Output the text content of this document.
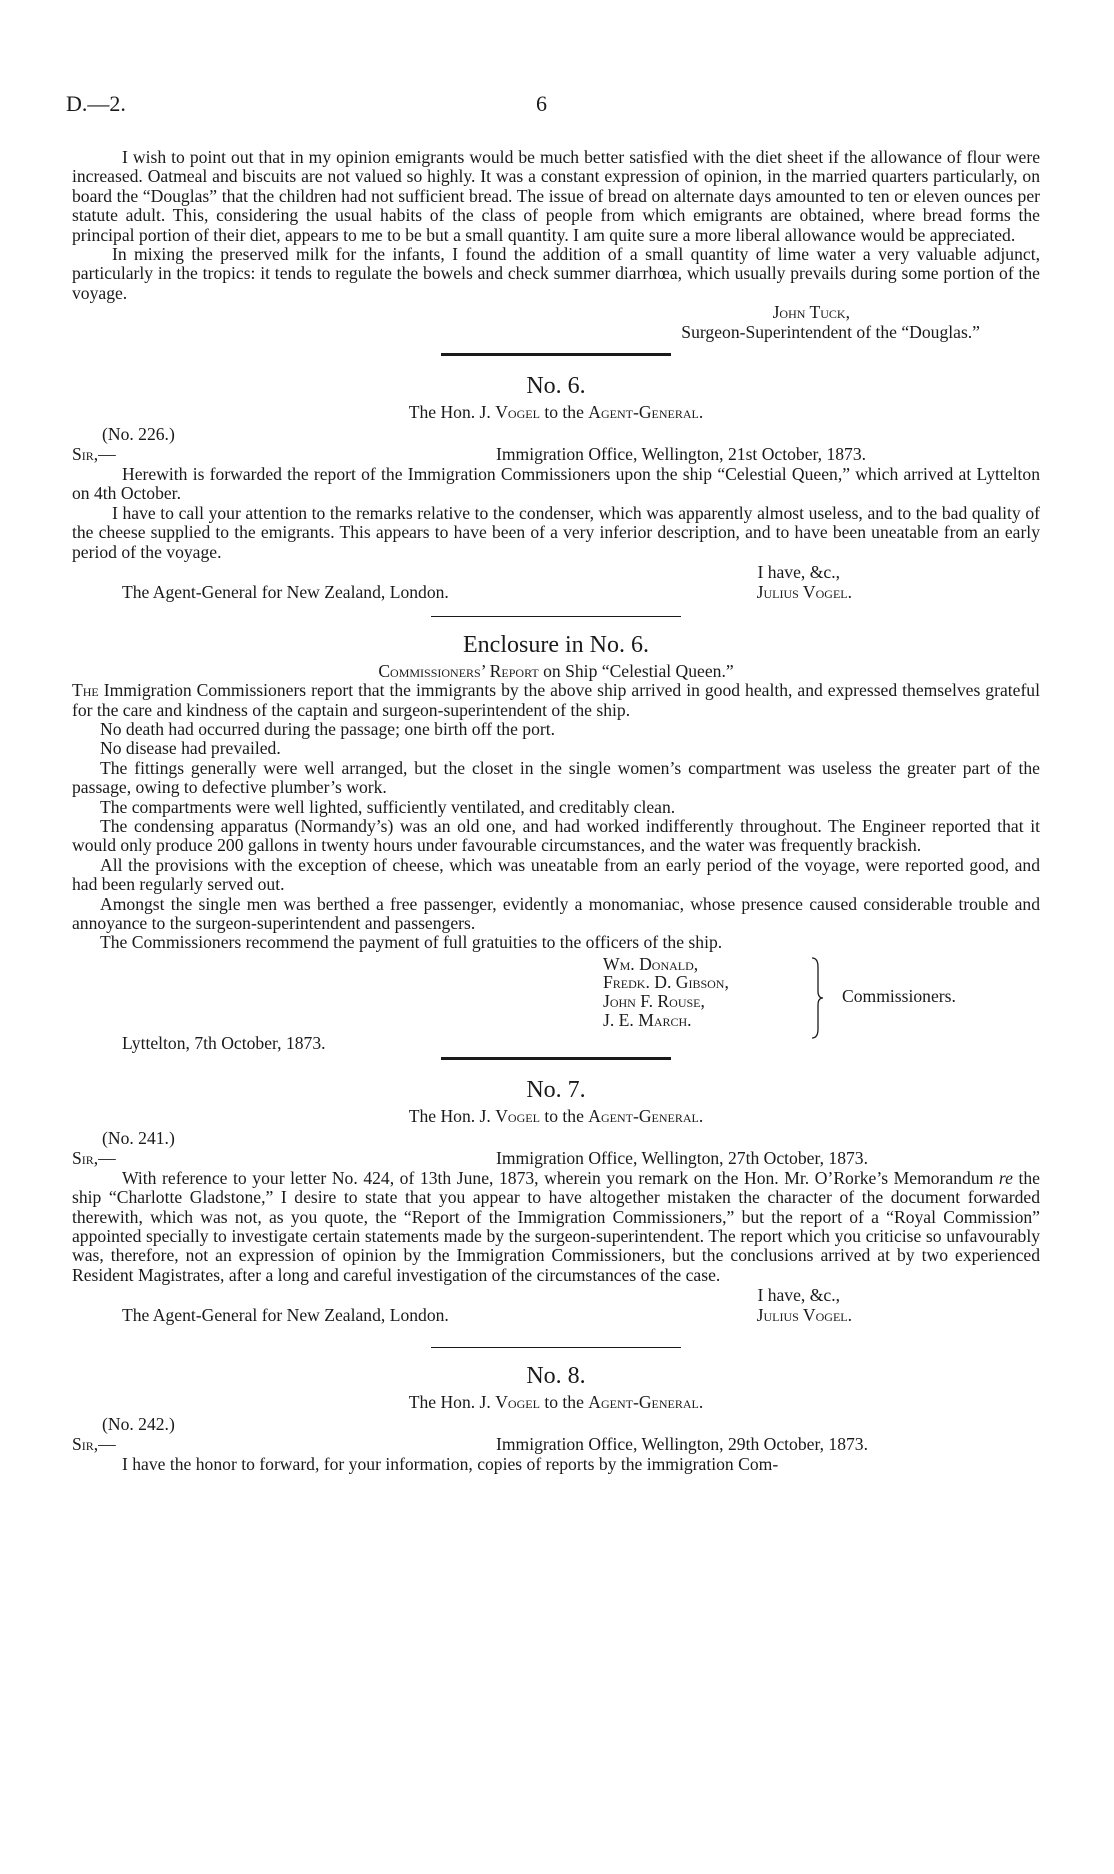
D.—2.	6

I wish to point out that in my opinion emigrants would be much better satisfied with the diet sheet if the allowance of flour were increased. Oatmeal and biscuits are not valued so highly. It was a constant expression of opinion, in the married quarters particularly, on board the “Douglas” that the children had not sufficient bread. The issue of bread on alternate days amounted to ten or eleven ounces per statute adult. This, considering the usual habits of the class of people from which emigrants are obtained, where bread forms the principal portion of their diet, appears to me to be but a small quantity. I am quite sure a more liberal allowance would be appreciated.

In mixing the preserved milk for the infants, I found the addition of a small quantity of lime water a very valuable adjunct, particularly in the tropics: it tends to regulate the bowels and check summer diarrhœa, which usually prevails during some portion of the voyage.

John Tuck,

Surgeon-Superintendent of the “Douglas.”

No. 6.

The Hon. J. Vogel to the Agent-General.

(No. 226.)

Sir,—	Immigration Office, Wellington, 21st October, 1873.

Herewith is forwarded the report of the Immigration Commissioners upon the ship “Celestial Queen,” which arrived at Lyttelton on 4th October.

I have to call your attention to the remarks relative to the condenser, which was apparently almost useless, and to the bad quality of the cheese supplied to the emigrants. This appears to have been of a very inferior description, and to have been uneatable from an early period of the voyage.

I have, &c.,
The Agent-General for New Zealand, London.	Julius Vogel.

Enclosure in No. 6.

Commissioners’ Report on Ship “Celestial Queen.”

The Immigration Commissioners report that the immigrants by the above ship arrived in good health, and expressed themselves grateful for the care and kindness of the captain and surgeon-superintendent of the ship.

No death had occurred during the passage; one birth off the port.

No disease had prevailed.

The fittings generally were well arranged, but the closet in the single women’s compartment was useless the greater part of the passage, owing to defective plumber’s work.

The compartments were well lighted, sufficiently ventilated, and creditably clean.

The condensing apparatus (Normandy’s) was an old one, and had worked indifferently throughout. The Engineer reported that it would only produce 200 gallons in twenty hours under favourable circumstances, and the water was frequently brackish.

All the provisions with the exception of cheese, which was uneatable from an early period of the voyage, were reported good, and had been regularly served out.

Amongst the single men was berthed a free passenger, evidently a monomaniac, whose presence caused considerable trouble and annoyance to the surgeon-superintendent and passengers.

The Commissioners recommend the payment of full gratuities to the officers of the ship.

Wm. Donald,
Fredk. D. Gibson,
John F. Rouse,
J. E. March.
Commissioners.
Lyttelton, 7th October, 1873.

No. 7.

The Hon. J. Vogel to the Agent-General.

(No. 241.)

Sir,—	Immigration Office, Wellington, 27th October, 1873.

With reference to your letter No. 424, of 13th June, 1873, wherein you remark on the Hon. Mr. O’Rorke’s Memorandum re the ship “Charlotte Gladstone,” I desire to state that you appear to have altogether mistaken the character of the document forwarded therewith, which was not, as you quote, the “Report of the Immigration Commissioners,” but the report of a “Royal Commission” appointed specially to investigate certain statements made by the surgeon-superintendent. The report which you criticise so unfavourably was, therefore, not an expression of opinion by the Immigration Commissioners, but the conclusions arrived at by two experienced Resident Magistrates, after a long and careful investigation of the circumstances of the case.

I have, &c.,
The Agent-General for New Zealand, London.	Julius Vogel.

No. 8.

The Hon. J. Vogel to the Agent-General.

(No. 242.)

Sir,—	Immigration Office, Wellington, 29th October, 1873.

I have the honor to forward, for your information, copies of reports by the immigration Com-
